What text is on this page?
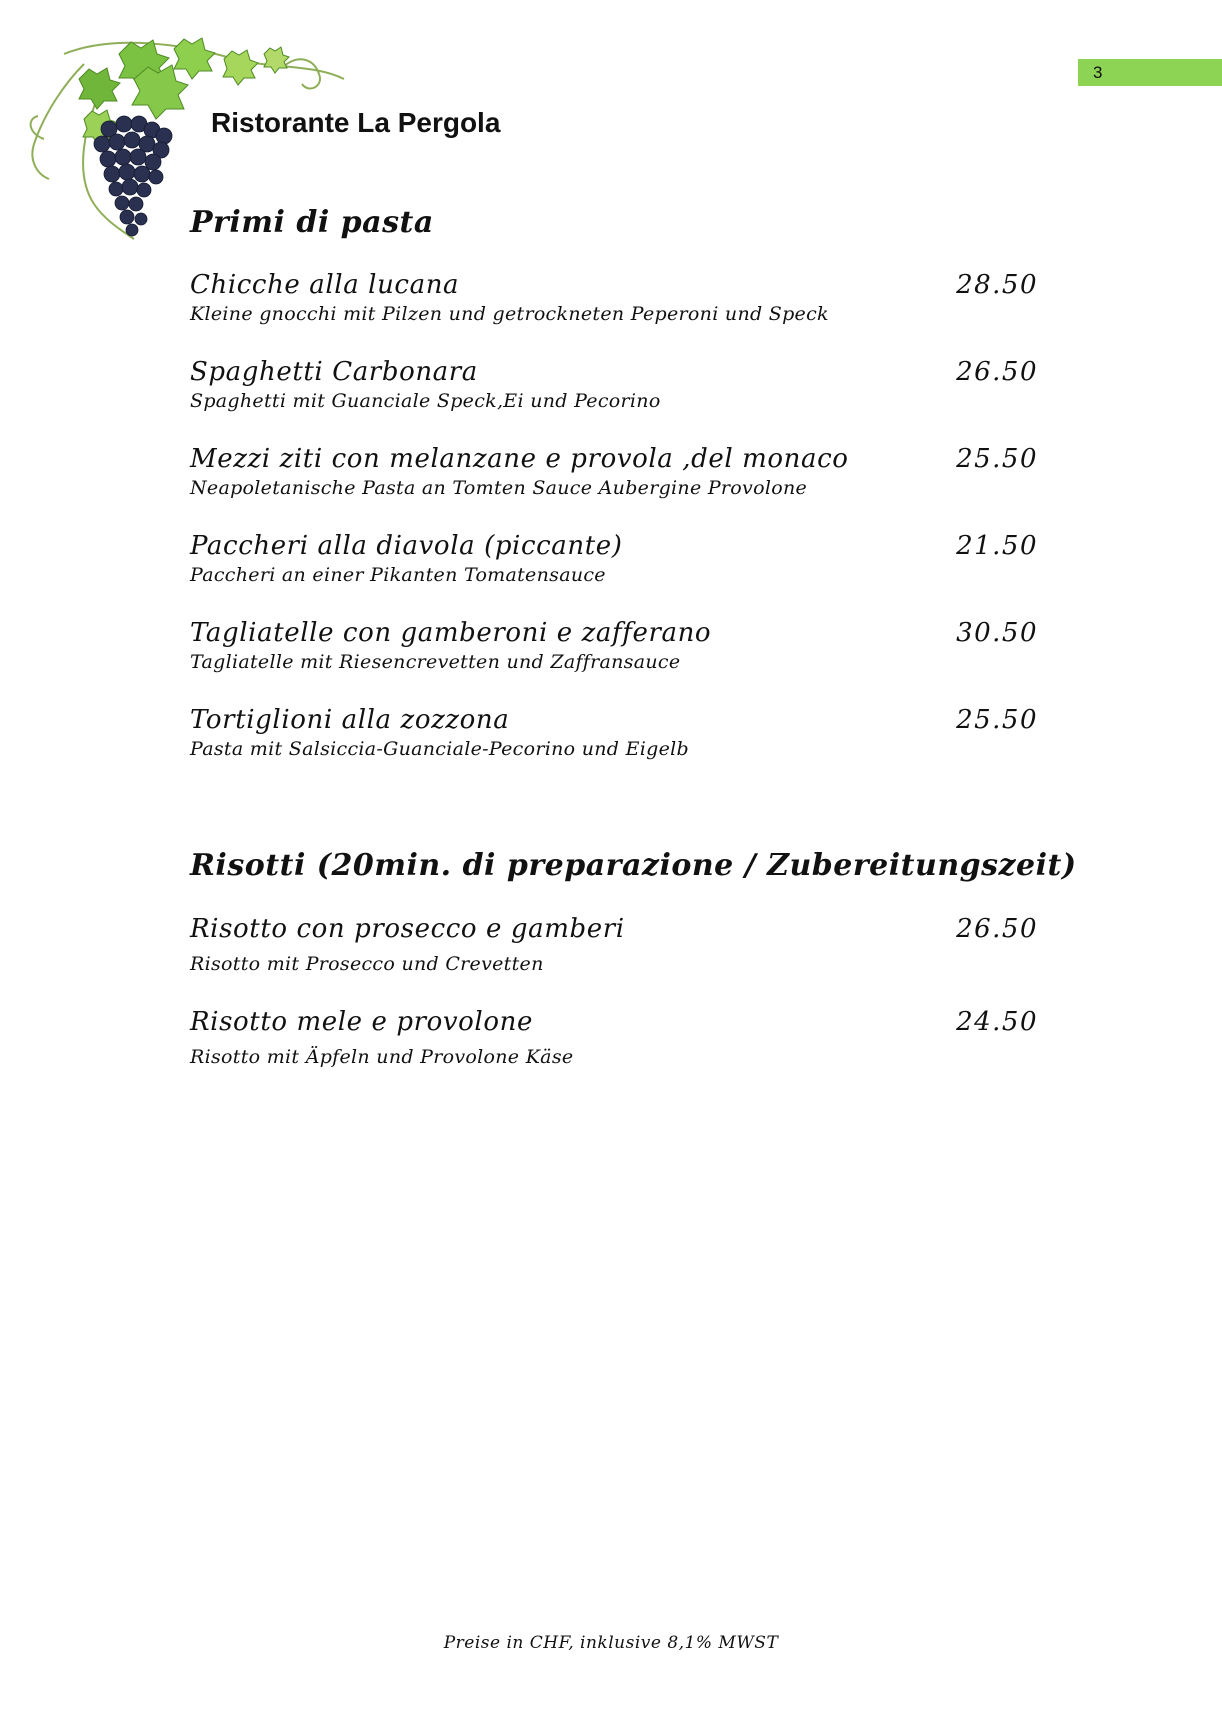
3
Ristorante La Pergola
Primi di pasta
Chicche alla lucana	28.50
Kleine gnocchi mit Pilzen und getrockneten Peperoni und Speck
Spaghetti Carbonara	26.50
Spaghetti mit Guanciale Speck,Ei und Pecorino
Mezzi ziti con melanzane e provola ,del monaco	25.50
Neapoletanische Pasta an Tomten Sauce Aubergine Provolone
Paccheri alla diavola (piccante)	21.50
Paccheri an einer Pikanten Tomatensauce
Tagliatelle con gamberoni e zafferano	30.50
Tagliatelle mit Riesencrevetten und Zaffransauce
Tortiglioni alla zozzona	25.50
Pasta mit Salsiccia-Guanciale-Pecorino und Eigelb
Risotti (20min. di preparazione / Zubereitungszeit)
Risotto con prosecco e gamberi	26.50
Risotto mit Prosecco und Crevetten
Risotto mele e provolone	24.50
Risotto mit Äpfeln und Provolone Käse
Preise in CHF, inklusive 8,1% MWST
